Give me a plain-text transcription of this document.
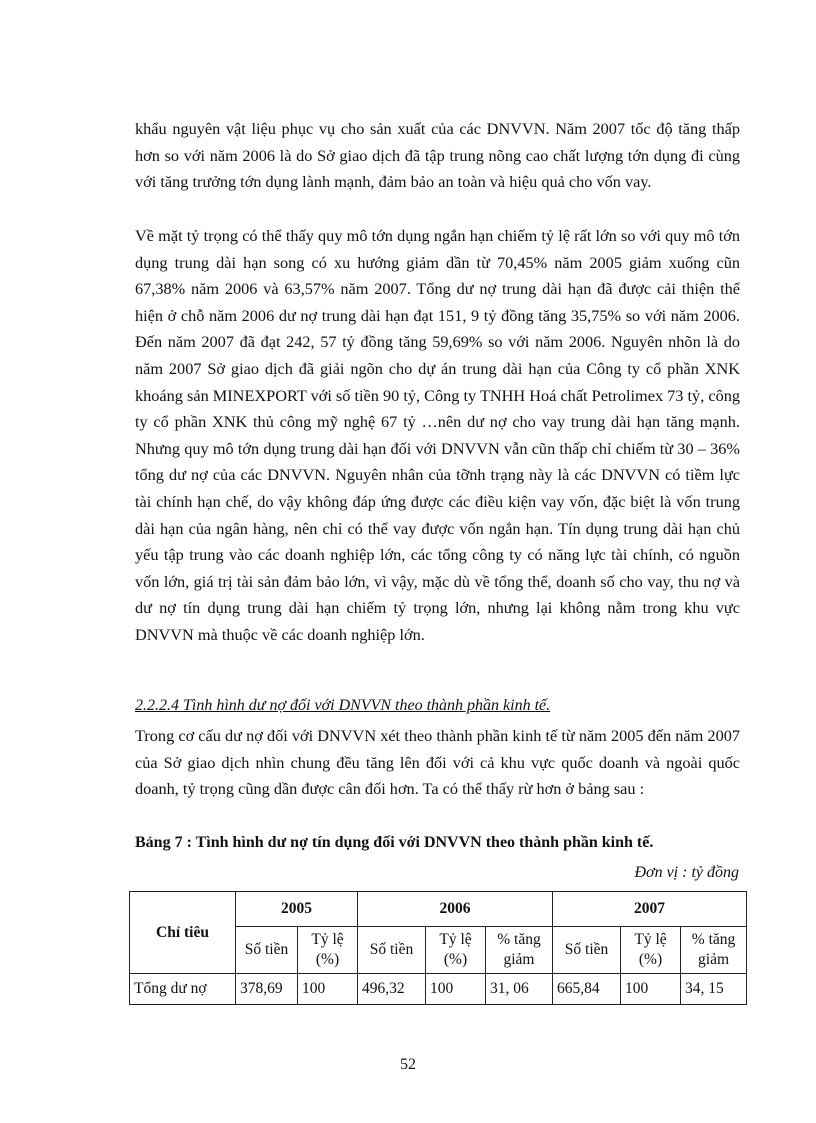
khẩu nguyên vật liệu phục vụ cho sản xuất của các DNVVN. Năm 2007 tốc độ tăng thấp hơn so với năm 2006 là do Sở giao dịch đã tập trung nõng cao chất lượng tớn dụng đi cùng với tăng trưởng tớn dụng lành mạnh, đảm bảo an toàn và hiệu quả cho vốn vay.

Về mặt tỷ trọng có thể thấy quy mô tớn dụng ngắn hạn chiếm tỷ lệ rất lớn so với quy mô tớn dụng trung dài hạn song có xu hướng giảm dần từ 70,45% năm 2005 giảm xuống cũn 67,38% năm 2006 và 63,57% năm 2007. Tổng dư nợ trung dài hạn đã được cải thiện thể hiện ở chỗ năm 2006 dư nợ trung dài hạn đạt 151, 9 tỷ đồng tăng 35,75% so với năm 2006. Đến năm 2007 đã đạt 242, 57 tỷ đồng tăng 59,69% so với năm 2006. Nguyên nhõn là do năm 2007 Sở giao dịch đã giải ngõn cho dự án trung dài hạn của Công ty cổ phần XNK khoáng sản MINEXPORT với số tiền 90 tỷ, Công ty TNHH Hoá chất Petrolimex 73 tỷ, công ty cổ phần XNK thủ công mỹ nghệ 67 tỷ …nên dư nợ cho vay trung dài hạn tăng mạnh. Nhưng quy mô tớn dụng trung dài hạn đối với DNVVN vẫn cũn thấp chỉ chiếm từ 30 – 36% tổng dư nợ của các DNVVN. Nguyên nhân của tỡnh trạng này là các DNVVN có tiềm lực tài chính hạn chế, do vậy không đáp ứng được các điều kiện vay vốn, đặc biệt là vốn trung dài hạn của ngân hàng, nên chỉ có thể vay được vốn ngắn hạn. Tín dụng trung dài hạn chủ yếu tập trung vào các doanh nghiệp lớn, các tổng công ty có năng lực tài chính, có nguồn vốn lớn, giá trị tài sản đảm bảo lớn, vì vậy, mặc dù về tổng thể, doanh số cho vay, thu nợ và dư nợ tín dụng trung dài hạn chiếm tỷ trọng lớn, nhưng lại không nằm trong khu vực DNVVN mà thuộc về các doanh nghiệp lớn.

2.2.2.4 Tình hình dư nợ đối với DNVVN theo thành phần kinh tế.

Trong cơ cấu dư nợ đối với DNVVN xét theo thành phần kinh tế từ năm 2005 đến năm 2007 của Sở giao dịch nhìn chung đều tăng lên đối với cả khu vực quốc doanh và ngoài quốc doanh, tỷ trọng cũng dần được cân đối hơn. Ta có thể thấy rừ hơn ở bảng sau :

Bảng 7 : Tình hình dư nợ tín dụng đối với DNVVN theo thành phần kinh tế.
Đơn vị : tỷ đồng
Chỉ tiêu	2005		2006			2007		
	Số tiền	Tỷ lệ (%)	Số tiền	Tỷ lệ (%)	% tăng giảm	Số tiền	Tỷ lệ (%)	% tăng giảm
Tổng dư nợ	378,69	100	496,32	100	31, 06	665,84	100	34, 15
52
